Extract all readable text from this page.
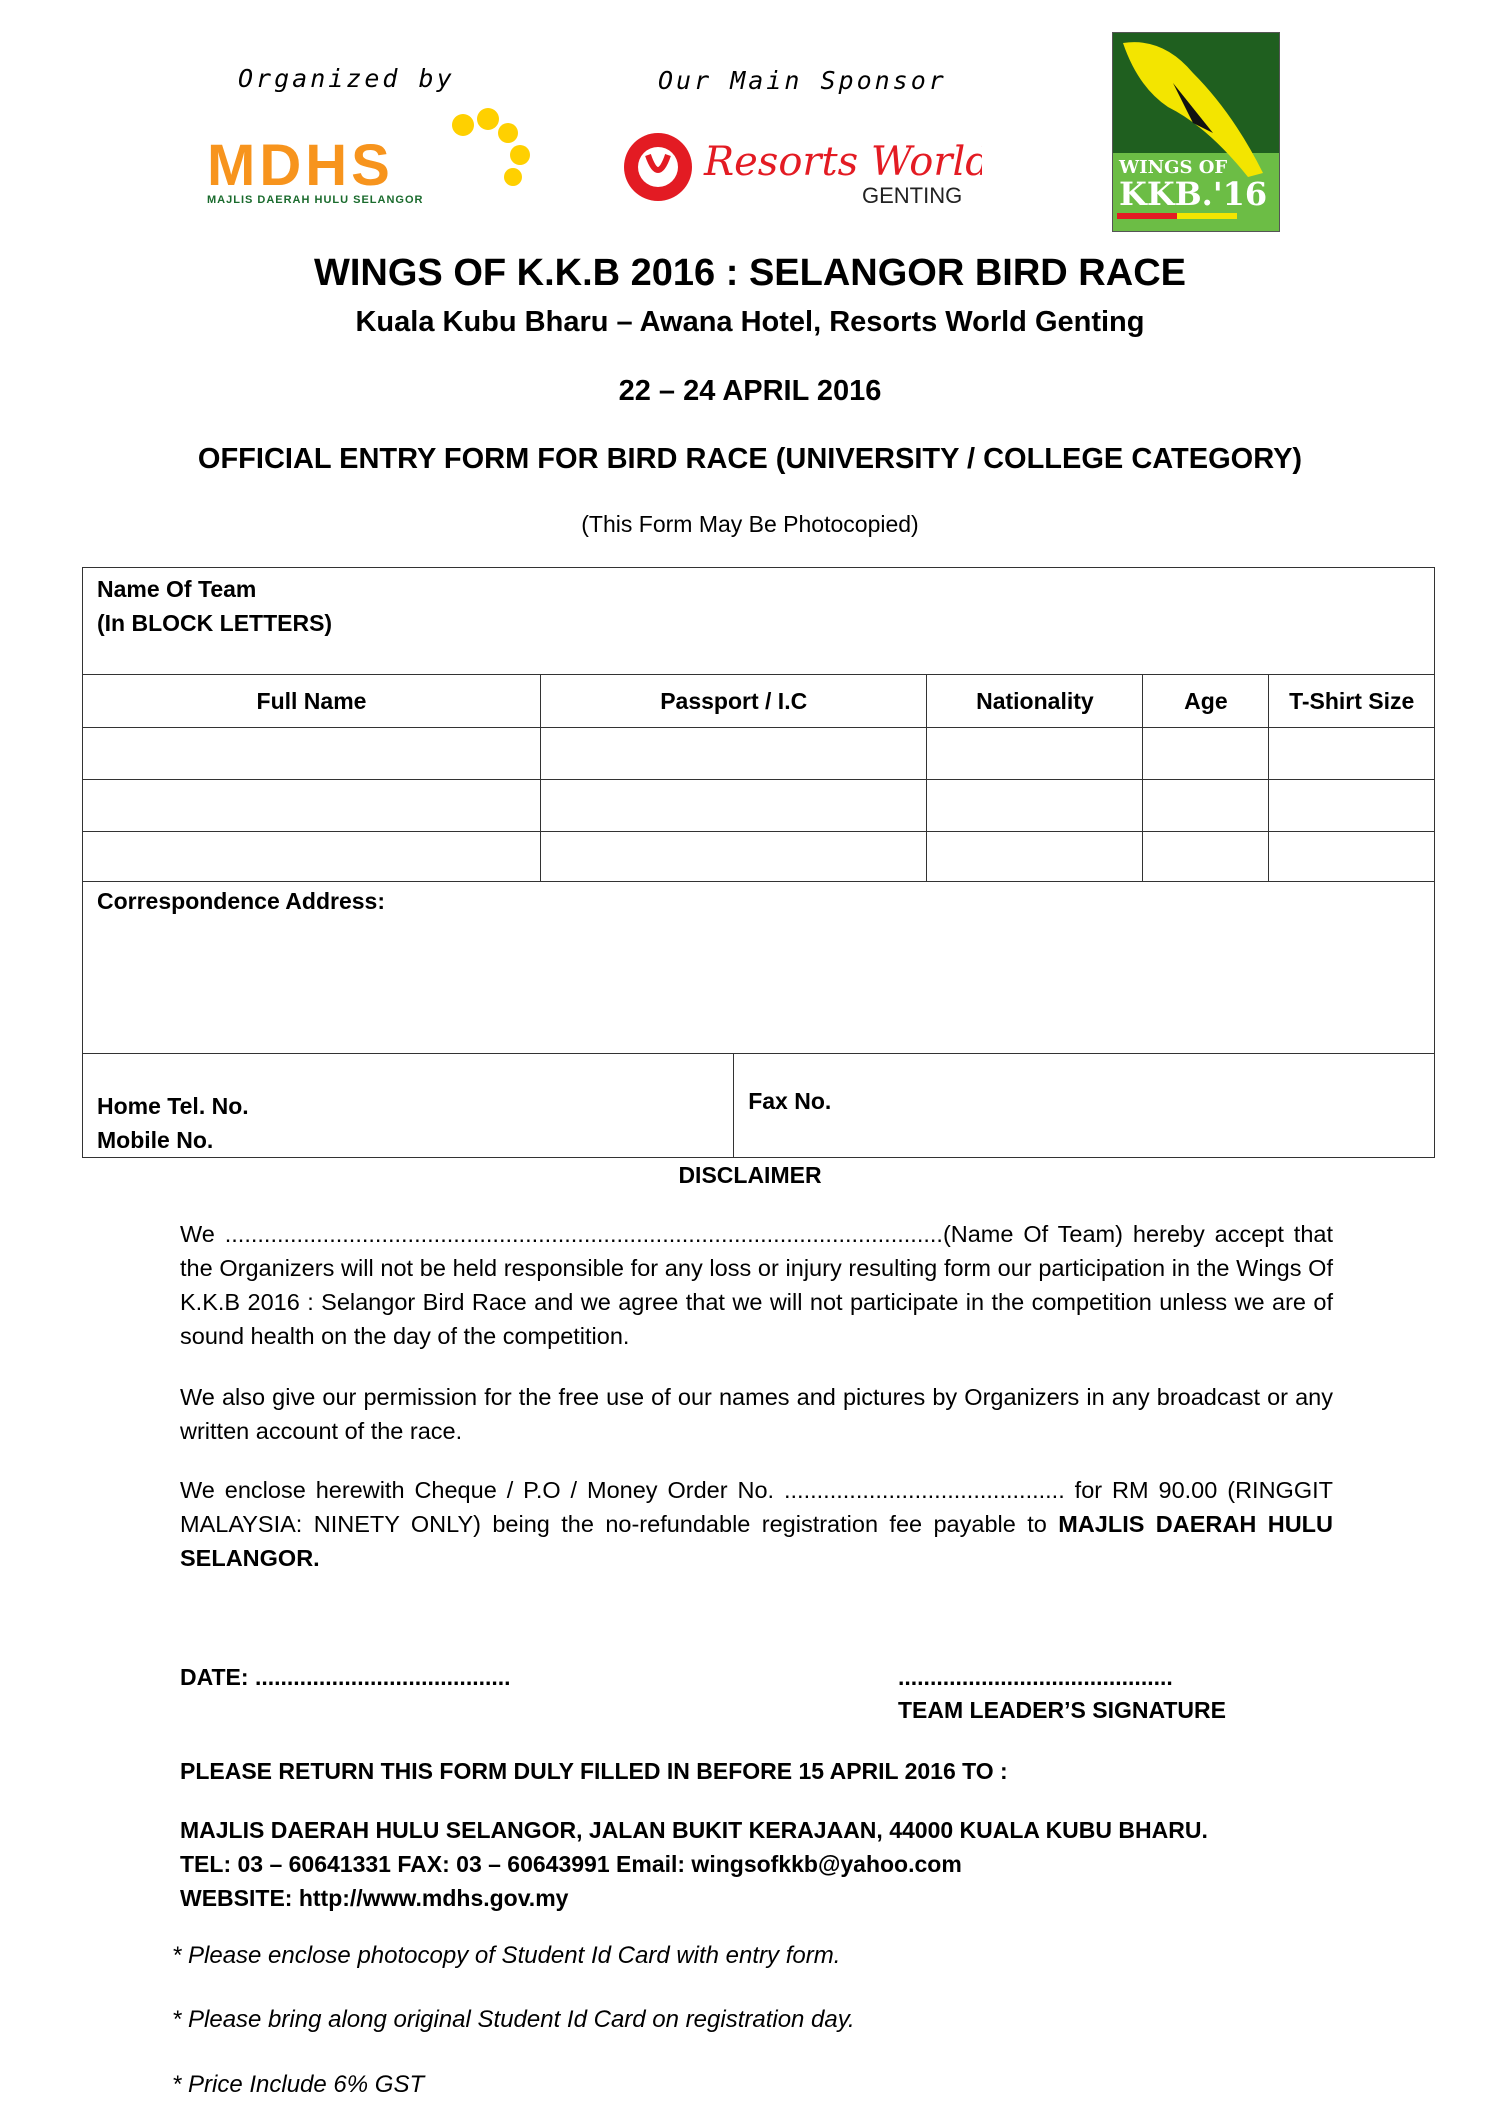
Organized by	Our Main Sponsor
MDHS
MAJLIS DAERAH HULU SELANGOR
Resorts World
GENTING
WINGS OF
KKB.'16
WINGS OF K.K.B 2016 : SELANGOR BIRD RACE
Kuala Kubu Bharu – Awana Hotel, Resorts World Genting
22 – 24 APRIL 2016
OFFICIAL ENTRY FORM FOR BIRD RACE (UNIVERSITY / COLLEGE CATEGORY)
(This Form May Be Photocopied)
Name Of Team
(In BLOCK LETTERS)					

Full Name	Passport / I.C		Nationality	Age	T-Shirt Size

Correspondence Address:					

Home Tel. No.
Mobile No.		Fax No.			
DISCLAIMER

We ..............................................................................................................(Name Of Team) hereby accept that the Organizers will not be held responsible for any loss or injury resulting form our participation in the Wings Of K.K.B 2016 : Selangor Bird Race and we agree that we will not participate in the competition unless we are of sound health on the day of the competition.

We also give our permission for the free use of our names and pictures by Organizers in any broadcast or any written account of the race.

We enclose herewith Cheque / P.O / Money Order No. ........................................... for RM 90.00 (RINGGIT MALAYSIA: NINETY ONLY) being the no-refundable registration fee payable to MAJLIS DAERAH HULU SELANGOR.

DATE: ........................................	...........................................
TEAM LEADER’S SIGNATURE
PLEASE RETURN THIS FORM DULY FILLED IN BEFORE 15 APRIL 2016 TO :
MAJLIS DAERAH HULU SELANGOR, JALAN BUKIT KERAJAAN, 44000 KUALA KUBU BHARU.
TEL: 03 – 60641331 FAX: 03 – 60643991 Email: wingsofkkb@yahoo.com
WEBSITE: http://www.mdhs.gov.my
* Please enclose photocopy of Student Id Card with entry form.
* Please bring along original Student Id Card on registration day.
* Price Include 6% GST
